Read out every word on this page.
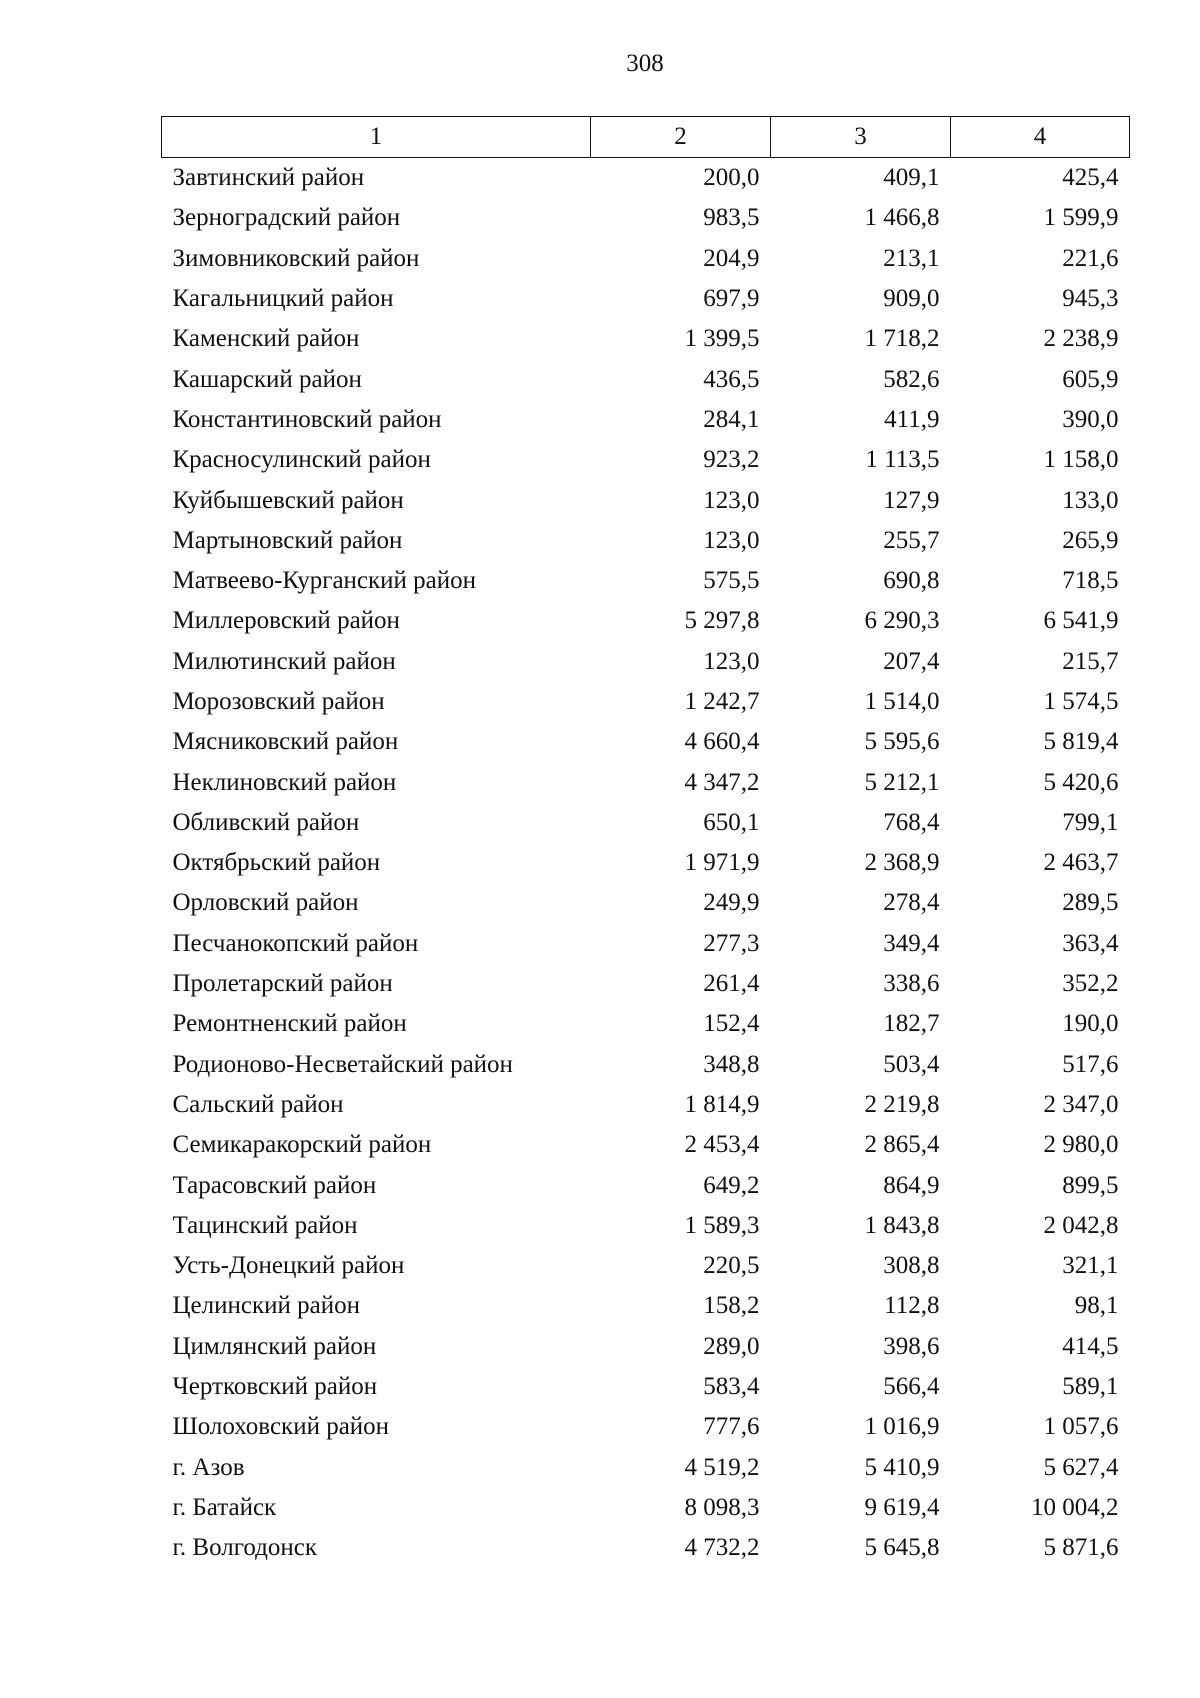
308
1	2	3	4
Завтинский район	200,0	409,1	425,4
Зерноградский район	983,5	1 466,8	1 599,9
Зимовниковский район	204,9	213,1	221,6
Кагальницкий район	697,9	909,0	945,3
Каменский район	1 399,5	1 718,2	2 238,9
Кашарский район	436,5	582,6	605,9
Константиновский район	284,1	411,9	390,0
Красносулинский район	923,2	1 113,5	1 158,0
Куйбышевский район	123,0	127,9	133,0
Мартыновский район	123,0	255,7	265,9
Матвеево-Курганский район	575,5	690,8	718,5
Миллеровский район	5 297,8	6 290,3	6 541,9
Милютинский район	123,0	207,4	215,7
Морозовский район	1 242,7	1 514,0	1 574,5
Мясниковский район	4 660,4	5 595,6	5 819,4
Неклиновский район	4 347,2	5 212,1	5 420,6
Обливский район	650,1	768,4	799,1
Октябрьский район	1 971,9	2 368,9	2 463,7
Орловский район	249,9	278,4	289,5
Песчанокопский район	277,3	349,4	363,4
Пролетарский район	261,4	338,6	352,2
Ремонтненский район	152,4	182,7	190,0
Родионово-Несветайский район	348,8	503,4	517,6
Сальский район	1 814,9	2 219,8	2 347,0
Семикаракорский район	2 453,4	2 865,4	2 980,0
Тарасовский район	649,2	864,9	899,5
Тацинский район	1 589,3	1 843,8	2 042,8
Усть-Донецкий район	220,5	308,8	321,1
Целинский район	158,2	112,8	98,1
Цимлянский район	289,0	398,6	414,5
Чертковский район	583,4	566,4	589,1
Шолоховский район	777,6	1 016,9	1 057,6
г. Азов	4 519,2	5 410,9	5 627,4
г. Батайск	8 098,3	9 619,4	10 004,2
г. Волгодонск	4 732,2	5 645,8	5 871,6
